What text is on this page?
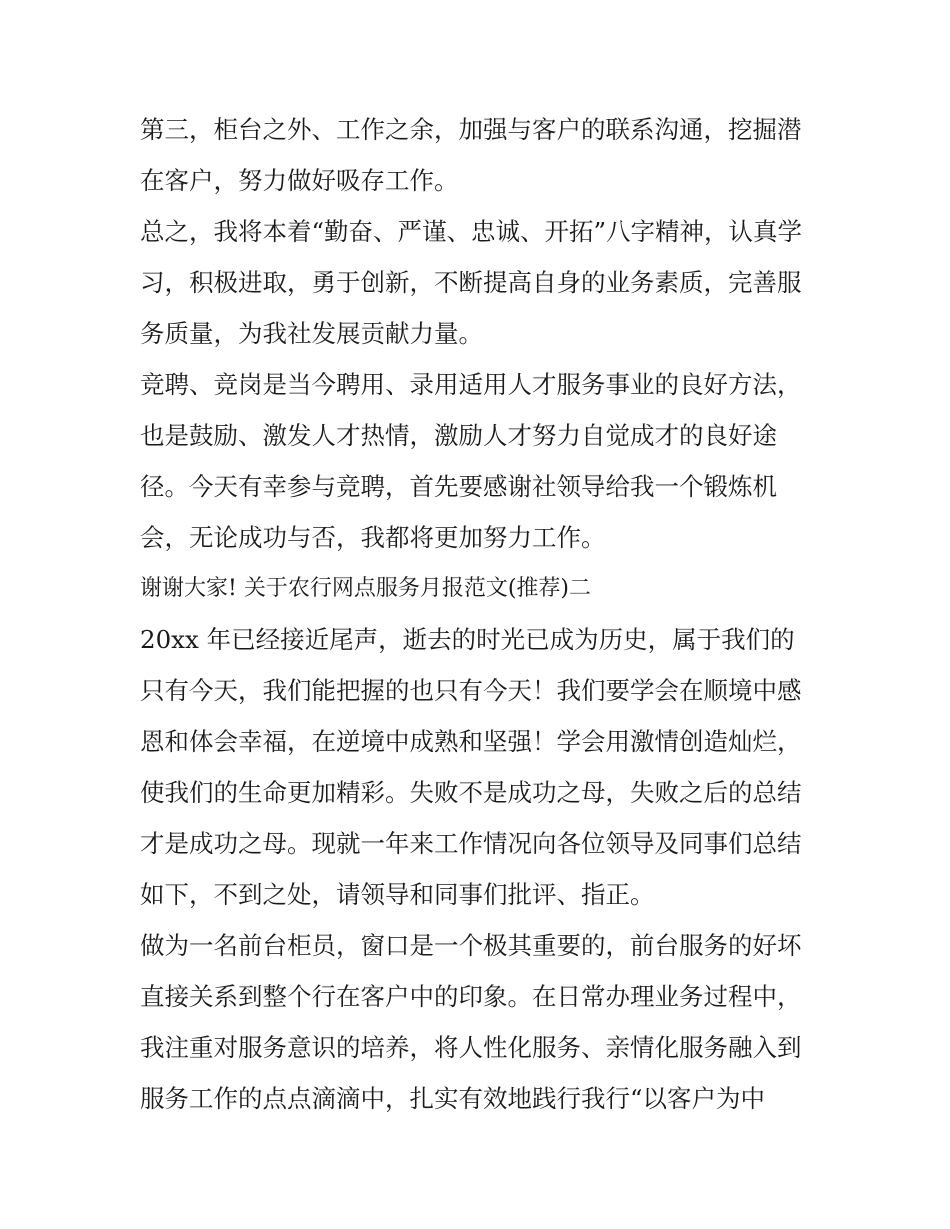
第三，柜台之外、工作之余，加强与客户的联系沟通，挖掘潜
在客户，努力做好吸存工作。

总之，我将本着“勤奋、严谨、忠诚、开拓”八字精神，认真学
习，积极进取，勇于创新，不断提高自身的业务素质，完善服
务质量，为我社发展贡献力量。

竞聘、竞岗是当今聘用、录用适用人才服务事业的良好方法，
也是鼓励、激发人才热情，激励人才努力自觉成才的良好途
径。今天有幸参与竞聘，首先要感谢社领导给我一个锻炼机
会，无论成功与否，我都将更加努力工作。

谢谢大家! 关于农行网点服务月报范文(推荐)二

20xx 年已经接近尾声，逝去的时光已成为历史，属于我们的
只有今天，我们能把握的也只有今天！我们要学会在顺境中感
恩和体会幸福，在逆境中成熟和坚强！学会用激情创造灿烂，
使我们的生命更加精彩。失败不是成功之母，失败之后的总结
才是成功之母。现就一年来工作情况向各位领导及同事们总结
如下，不到之处，请领导和同事们批评、指正。

做为一名前台柜员，窗口是一个极其重要的，前台服务的好坏
直接关系到整个行在客户中的印象。在日常办理业务过程中，
我注重对服务意识的培养，将人性化服务、亲情化服务融入到
服务工作的点点滴滴中，扎实有效地践行我行“以客户为中
